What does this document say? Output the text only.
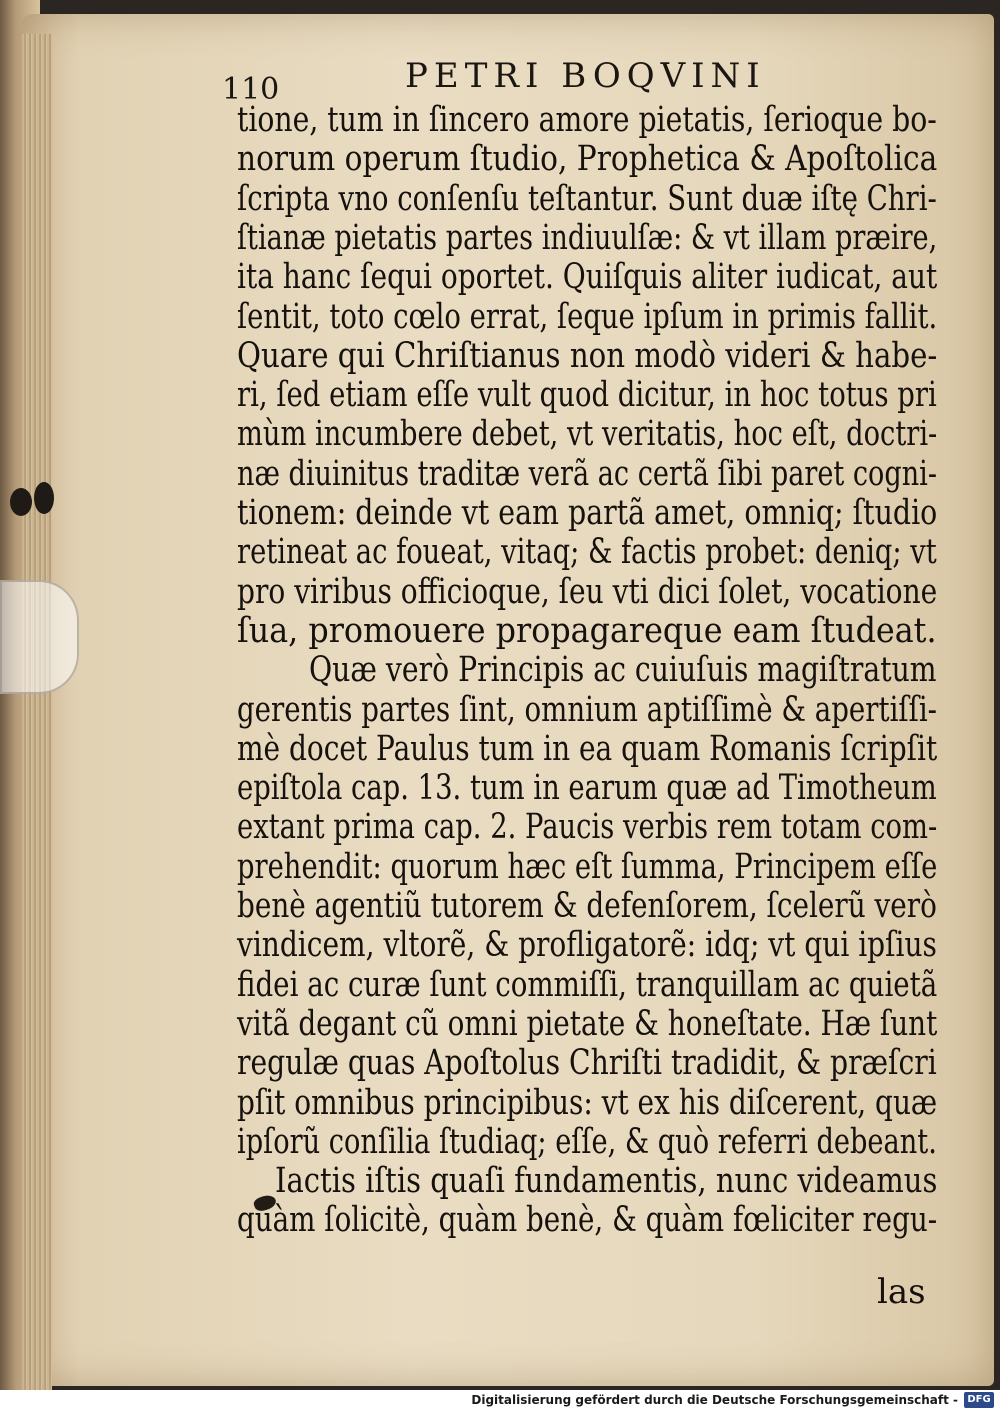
110	PETRI BOQVINI
tione, tum in ſincero amore pietatis, ſerioque bo-
norum operum ſtudio, Prophetica & Apoſtolica
ſcripta vno conſenſu teſtantur. Sunt duæ iſtę Chri-
ſtianæ pietatis partes indiuulſæ: & vt illam præire,
ita hanc ſequi oportet. Quiſquis aliter iudicat, aut
ſentit, toto cœlo errat, ſeque ipſum in primis fallit.
Quare qui Chriſtianus non modò videri & habe-
ri, ſed etiam eſſe vult quod dicitur, in hoc totus pri
mùm incumbere debet, vt veritatis, hoc eſt, doctri-
næ diuinitus traditæ verã ac certã ſibi paret cogni-
tionem: deinde vt eam partã amet, omniq; ſtudio
retineat ac foueat, vitaq; & factis probet: deniq; vt
pro viribus officioque, ſeu vti dici ſolet, vocatione
ſua, promouere propagareque eam ſtudeat.
Quæ verò Principis ac cuiuſuis magiſtratum
gerentis partes ſint, omnium aptiſſimè & apertiſſi-
mè docet Paulus tum in ea quam Romanis ſcripſit
epiſtola cap. 13. tum in earum quæ ad Timotheum
extant prima cap. 2. Paucis verbis rem totam com-
prehendit: quorum hæc eſt ſumma, Principem eſſe
benè agentiũ tutorem & defenſorem, ſcelerũ verò
vindicem, vltorẽ, & profligatorẽ: idq; vt qui ipſius
fidei ac curæ ſunt commiſſi, tranquillam ac quietã
vitã degant cũ omni pietate & honeſtate. Hæ ſunt
regulæ quas Apoſtolus Chriſti tradidit, & præſcri
pſit omnibus principibus: vt ex his diſcerent, quæ
ipſorũ conſilia ſtudiaq; eſſe, & quò referri debeant.
Iactis iſtis quaſi fundamentis, nunc videamus
quàm ſolicitè, quàm benè, & quàm fœliciter regu-
las
Digitalisierung gefördert durch die Deutsche Forschungsgemeinschaft - DFG
